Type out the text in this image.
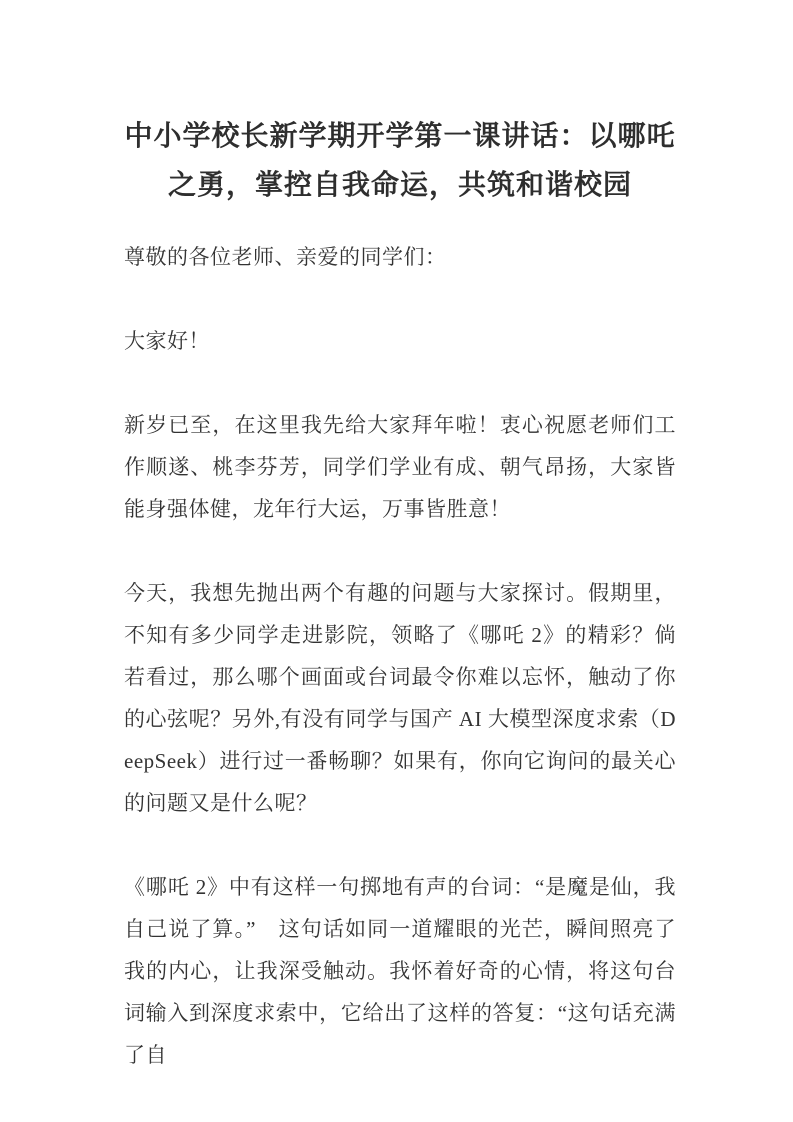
中小学校长新学期开学第一课讲话：以哪吒之勇，掌控自我命运，共筑和谐校园

尊敬的各位老师、亲爱的同学们：

大家好！

新岁已至，在这里我先给大家拜年啦！衷心祝愿老师们工作顺遂、桃李芬芳，同学们学业有成、朝气昂扬，大家皆能身强体健，龙年行大运，万事皆胜意！

今天，我想先抛出两个有趣的问题与大家探讨。假期里，不知有多少同学走进影院，领略了《哪吒 2》的精彩？倘若看过，那么哪个画面或台词最令你难以忘怀，触动了你的心弦呢？另外,有没有同学与国产 AI 大模型深度求索（DeepSeek）进行过一番畅聊？如果有，你向它询问的最关心的问题又是什么呢？

《哪吒 2》中有这样一句掷地有声的台词：“是魔是仙，我自己说了算。”　这句话如同一道耀眼的光芒，瞬间照亮了我的内心，让我深受触动。我怀着好奇的心情，将这句台词输入到深度求索中，它给出了这样的答复：“这句话充满了自
